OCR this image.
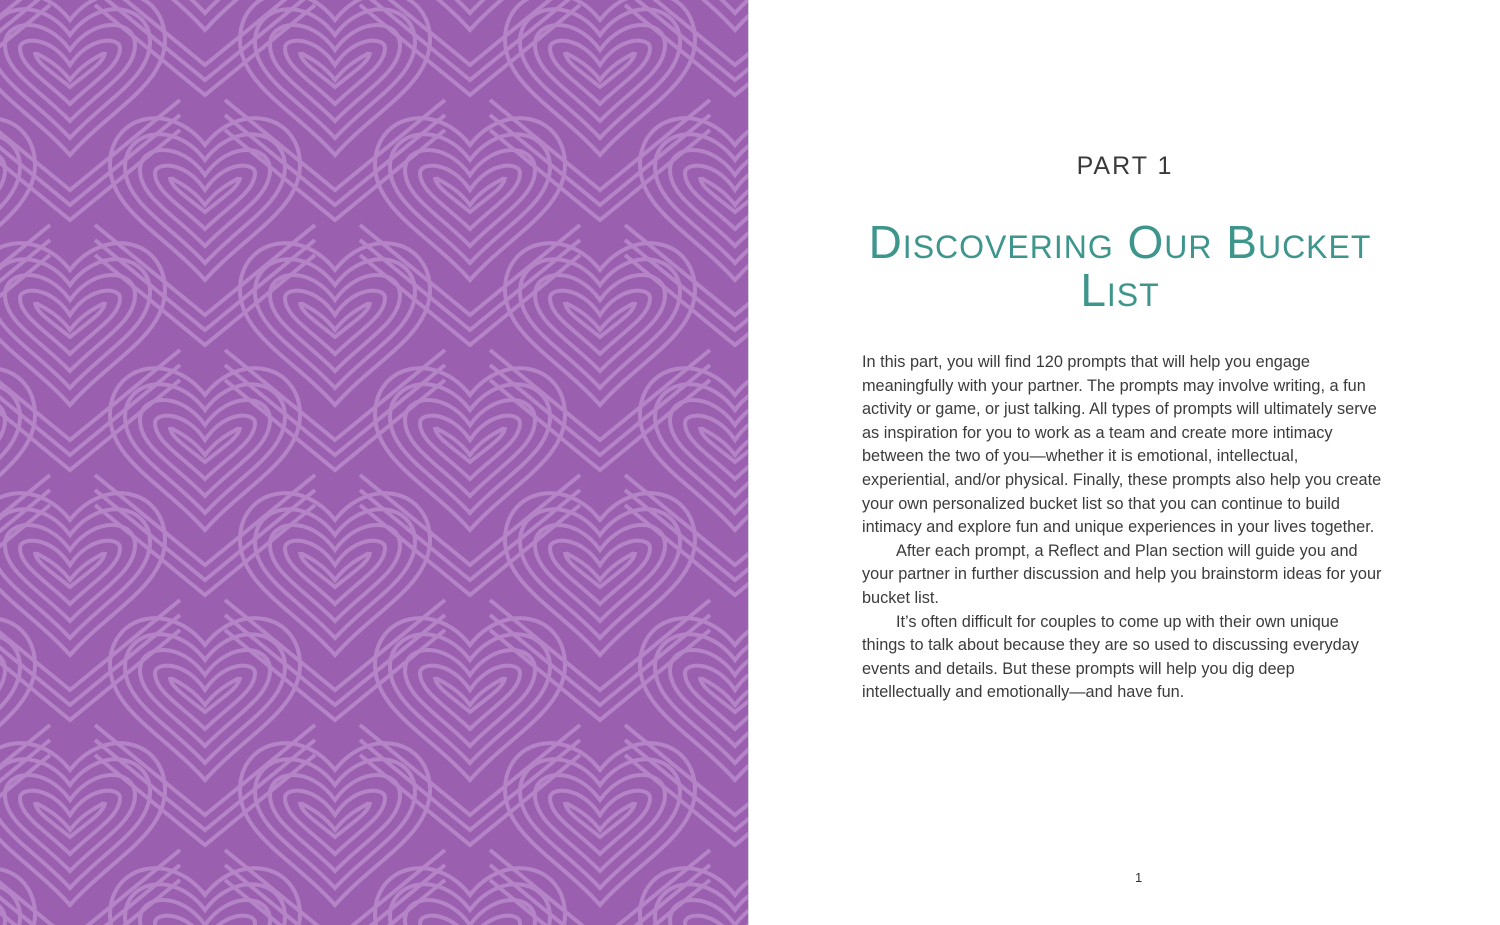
PART 1
Discovering Our Bucket List

In this part, you will find 120 prompts that will help you engage meaningfully with your partner. The prompts may involve writing, a fun activity or game, or just talking. All types of prompts will ultimately serve as inspiration for you to work as a team and create more intimacy between the two of you—whether it is emotional, intellectual, experiential, and/or physical. Finally, these prompts also help you create your own personalized bucket list so that you can continue to build intimacy and explore fun and unique experiences in your lives together.

After each prompt, a Reflect and Plan section will guide you and your partner in further discussion and help you brainstorm ideas for your bucket list.

It’s often difficult for couples to come up with their own unique things to talk about because they are so used to discussing everyday events and details. But these prompts will help you dig deep intellectually and emotionally—and have fun.

1
